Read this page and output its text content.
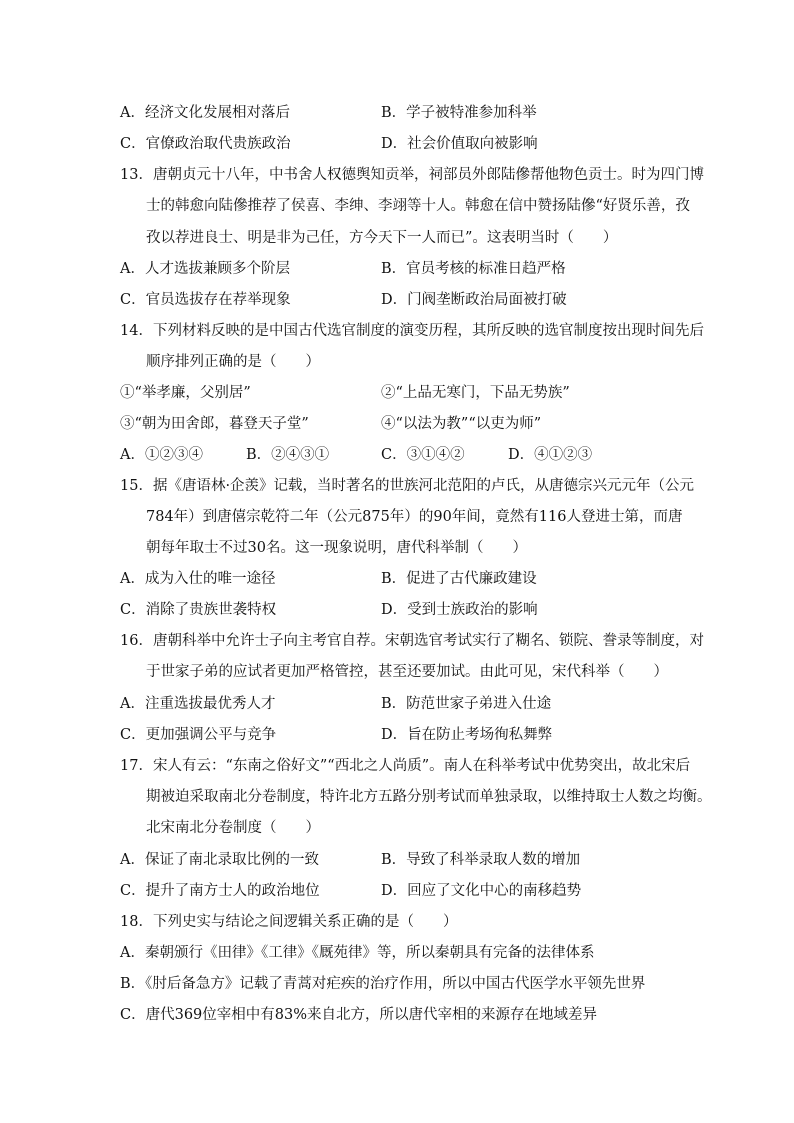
A．经济文化发展相对落后	B．学子被特准参加科举
C．官僚政治取代贵族政治	D．社会价值取向被影响
13．唐朝贞元十八年，中书舍人权德舆知贡举，祠部员外郎陆傪帮他物色贡士。时为四门博
士的韩愈向陆傪推荐了侯喜、李绅、李翊等十人。韩愈在信中赞扬陆傪“好贤乐善，孜
孜以荐进良士、明是非为己任，方今天下一人而已”。这表明当时（　　）
A．人才选拔兼顾多个阶层	B．官员考核的标准日趋严格
C．官员选拔存在荐举现象	D．门阀垄断政治局面被打破
14．下列材料反映的是中国古代选官制度的演变历程，其所反映的选官制度按出现时间先后
顺序排列正确的是（　　）
①“举孝廉，父别居”	②“上品无寒门，下品无势族”
③“朝为田舍郎，暮登天子堂”	④“以法为教”“以吏为师”
A．①②③④	B．②④③①	C．③①④②	D．④①②③
15．据《唐语林·企羡》记载，当时著名的世族河北范阳的卢氏，从唐德宗兴元元年（公元
784年）到唐僖宗乾符二年（公元875年）的90年间，竟然有116人登进士第，而唐
朝每年取士不过30名。这一现象说明，唐代科举制（　　）
A．成为入仕的唯一途径	B．促进了古代廉政建设
C．消除了贵族世袭特权	D．受到士族政治的影响
16．唐朝科举中允许士子向主考官自荐。宋朝选官考试实行了糊名、锁院、誊录等制度，对
于世家子弟的应试者更加严格管控，甚至还要加试。由此可见，宋代科举（　　）
A．注重选拔最优秀人才	B．防范世家子弟进入仕途
C．更加强调公平与竞争	D．旨在防止考场徇私舞弊
17．宋人有云：“东南之俗好文”“西北之人尚质”。南人在科举考试中优势突出，故北宋后
期被迫采取南北分卷制度，特许北方五路分别考试而单独录取，以维持取士人数之均衡。
北宋南北分卷制度（　　）
A．保证了南北录取比例的一致	B．导致了科举录取人数的增加
C．提升了南方士人的政治地位	D．回应了文化中心的南移趋势
18．下列史实与结论之间逻辑关系正确的是（　　）
A．秦朝颁行《田律》《工律》《厩苑律》等，所以秦朝具有完备的法律体系
B．《肘后备急方》记载了青蒿对疟疾的治疗作用，所以中国古代医学水平领先世界
C．唐代369位宰相中有83%来自北方，所以唐代宰相的来源存在地域差异
